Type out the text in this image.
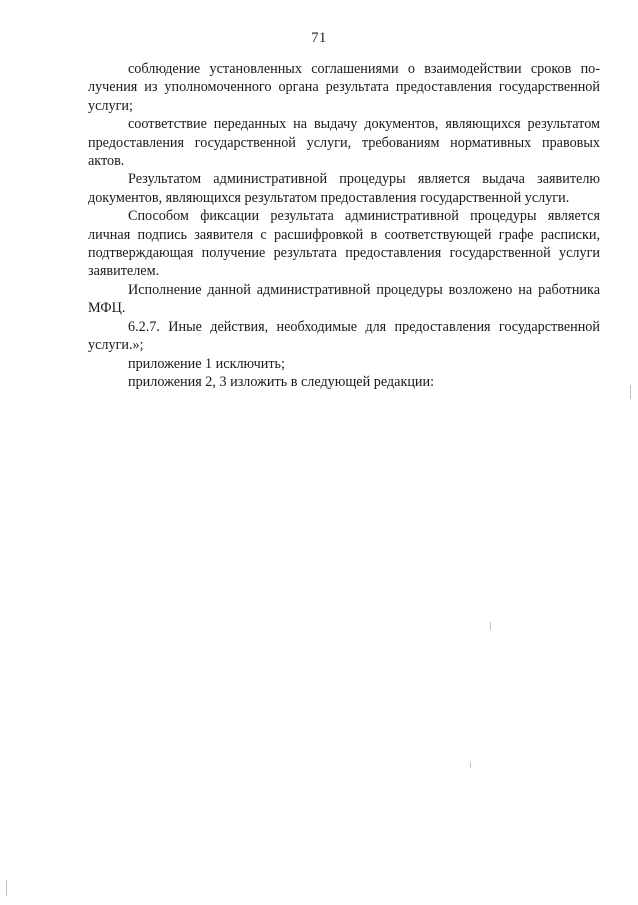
71

соблюдение установленных соглашениями о взаимодействии сроков получения из уполномоченного органа результата предоставления государственной услуги;

соответствие переданных на выдачу документов, являющихся результатом предоставления государственной услуги, требованиям нормативных правовых актов.

Результатом административной процедуры является выдача заявителю документов, являющихся результатом предоставления государственной услуги.

Способом фиксации результата административной процедуры является личная подпись заявителя с расшифровкой в соответствующей графе расписки, подтверждающая получение результата предоставления государственной услуги заявителем.

Исполнение данной административной процедуры возложено на работника МФЦ.

6.2.7. Иные действия, необходимые для предоставления государственной услуги.»;

приложение 1 исключить;

приложения 2, 3 изложить в следующей редакции:
